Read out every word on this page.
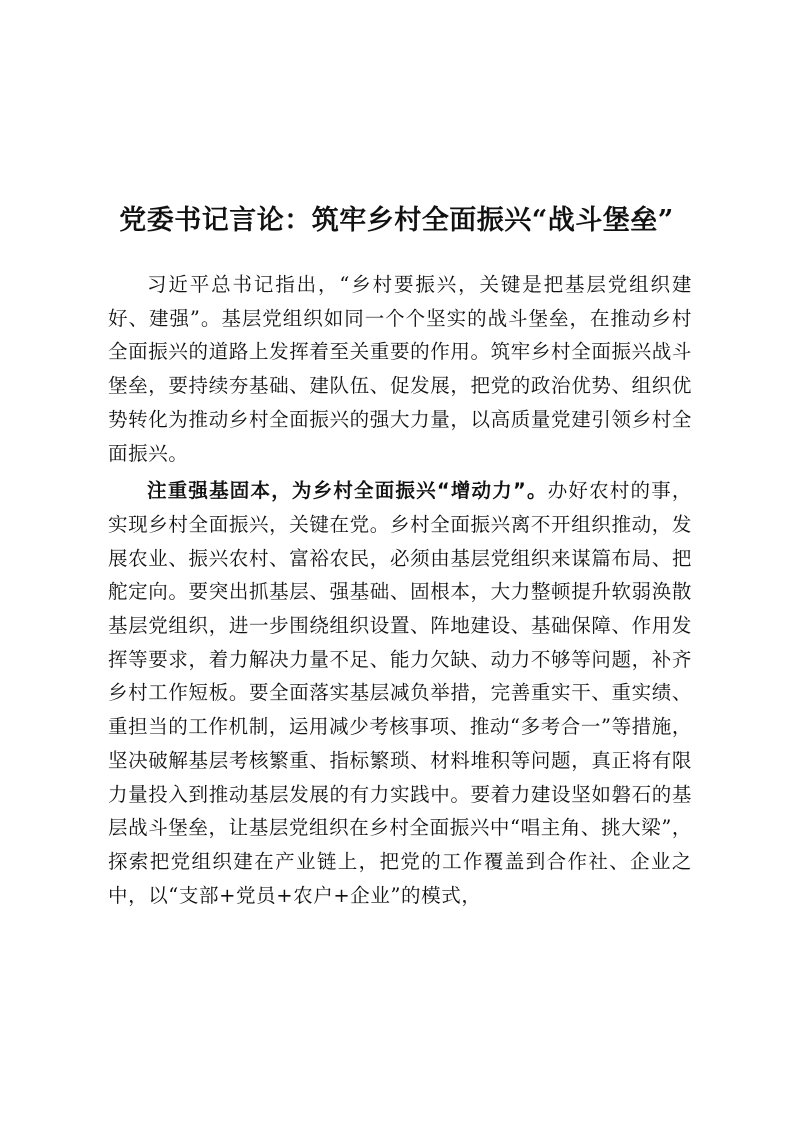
党委书记言论：筑牢乡村全面振兴“战斗堡垒”

习近平总书记指出，“乡村要振兴，关键是把基层党组织建好、建强”。基层党组织如同一个个坚实的战斗堡垒，在推动乡村全面振兴的道路上发挥着至关重要的作用。筑牢乡村全面振兴战斗堡垒，要持续夯基础、建队伍、促发展，把党的政治优势、组织优势转化为推动乡村全面振兴的强大力量，以高质量党建引领乡村全面振兴。

注重强基固本，为乡村全面振兴“增动力”。办好农村的事，实现乡村全面振兴，关键在党。乡村全面振兴离不开组织推动，发展农业、振兴农村、富裕农民，必须由基层党组织来谋篇布局、把舵定向。要突出抓基层、强基础、固根本，大力整顿提升软弱涣散基层党组织，进一步围绕组织设置、阵地建设、基础保障、作用发挥等要求，着力解决力量不足、能力欠缺、动力不够等问题，补齐乡村工作短板。要全面落实基层减负举措，完善重实干、重实绩、重担当的工作机制，运用减少考核事项、推动“多考合一”等措施，坚决破解基层考核繁重、指标繁琐、材料堆积等问题，真正将有限力量投入到推动基层发展的有力实践中。要着力建设坚如磐石的基层战斗堡垒，让基层党组织在乡村全面振兴中“唱主角、挑大梁”，探索把党组织建在产业链上，把党的工作覆盖到合作社、企业之中，以“支部+党员+农户+企业”的模式，
